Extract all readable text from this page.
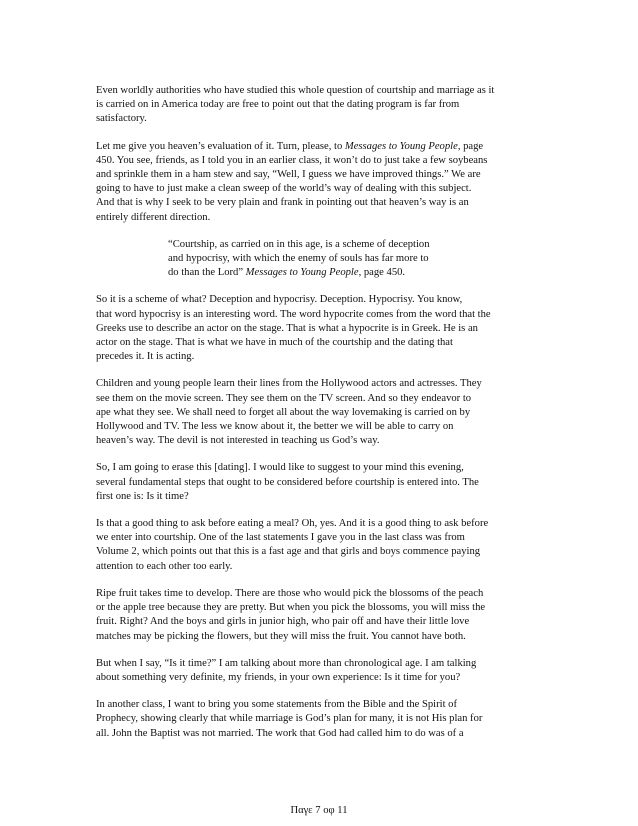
Even worldly authorities who have studied this whole question of courtship and marriage as it
is carried on in America today are free to point out that the dating program is far from
satisfactory.

Let me give you heaven’s evaluation of it. Turn, please, to Messages to Young People, page
450. You see, friends, as I told you in an earlier class, it won’t do to just take a few soybeans
and sprinkle them in a ham stew and say, “Well, I guess we have improved things.” We are
going to have to just make a clean sweep of the world’s way of dealing with this subject.
And that is why I seek to be very plain and frank in pointing out that heaven’s way is an
entirely different direction.

“Courtship, as carried on in this age, is a scheme of deception
and hypocrisy, with which the enemy of souls has far more to
do than the Lord” Messages to Young People, page 450.

So it is a scheme of what? Deception and hypocrisy. Deception. Hypocrisy. You know,
that word hypocrisy is an interesting word. The word hypocrite comes from the word that the
Greeks use to describe an actor on the stage. That is what a hypocrite is in Greek. He is an
actor on the stage. That is what we have in much of the courtship and the dating that
precedes it. It is acting.

Children and young people learn their lines from the Hollywood actors and actresses. They
see them on the movie screen. They see them on the TV screen. And so they endeavor to
ape what they see. We shall need to forget all about the way lovemaking is carried on by
Hollywood and TV. The less we know about it, the better we will be able to carry on
heaven’s way. The devil is not interested in teaching us God’s way.

So, I am going to erase this [dating]. I would like to suggest to your mind this evening,
several fundamental steps that ought to be considered before courtship is entered into. The
first one is: Is it time?

Is that a good thing to ask before eating a meal? Oh, yes. And it is a good thing to ask before
we enter into courtship. One of the last statements I gave you in the last class was from
Volume 2, which points out that this is a fast age and that girls and boys commence paying
attention to each other too early.

Ripe fruit takes time to develop. There are those who would pick the blossoms of the peach
or the apple tree because they are pretty. But when you pick the blossoms, you will miss the
fruit. Right? And the boys and girls in junior high, who pair off and have their little love
matches may be picking the flowers, but they will miss the fruit. You cannot have both.

But when I say, “Is it time?” I am talking about more than chronological age. I am talking
about something very definite, my friends, in your own experience: Is it time for you?

In another class, I want to bring you some statements from the Bible and the Spirit of
Prophecy, showing clearly that while marriage is God’s plan for many, it is not His plan for
all. John the Baptist was not married. The work that God had called him to do was of a

Παγε 7 οφ 11
